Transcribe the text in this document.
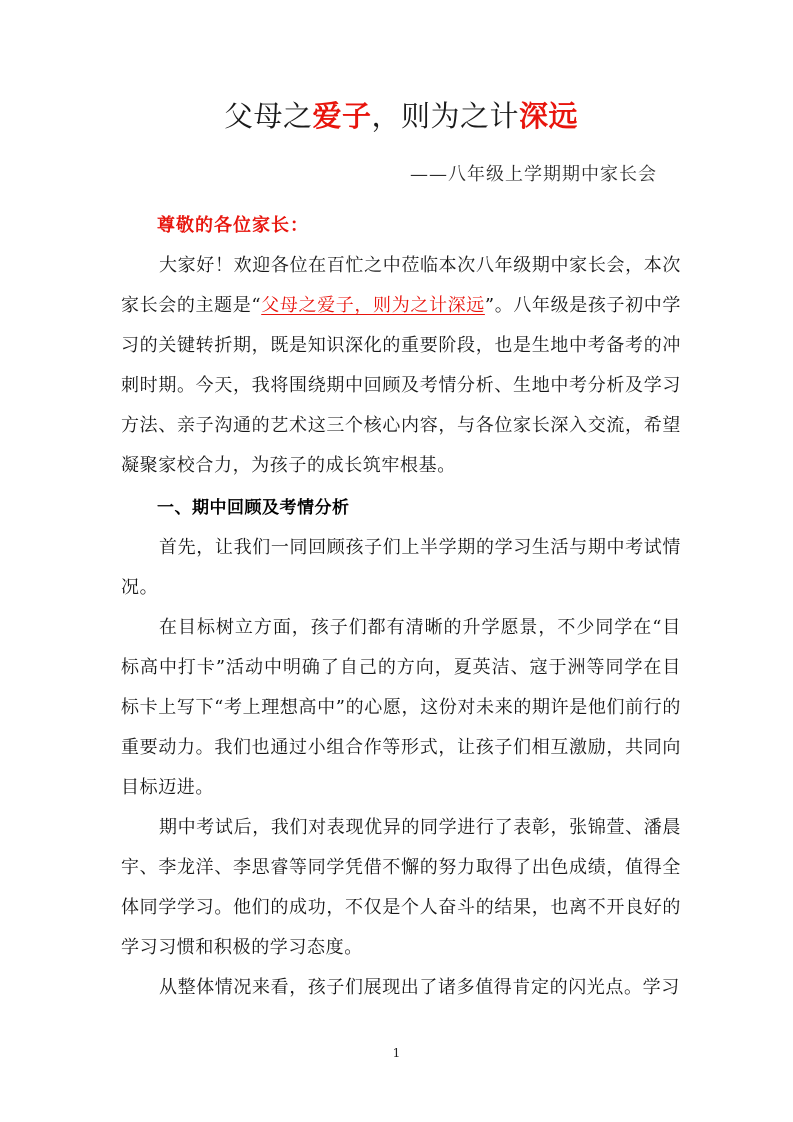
父母之爱子，则为之计深远
——八年级上学期期中家长会

尊敬的各位家长：

大家好！欢迎各位在百忙之中莅临本次八年级期中家长会，本次家长会的主题是“父母之爱子，则为之计深远”。八年级是孩子初中学习的关键转折期，既是知识深化的重要阶段，也是生地中考备考的冲刺时期。今天，我将围绕期中回顾及考情分析、生地中考分析及学习方法、亲子沟通的艺术这三个核心内容，与各位家长深入交流，希望凝聚家校合力，为孩子的成长筑牢根基。

一、期中回顾及考情分析

首先，让我们一同回顾孩子们上半学期的学习生活与期中考试情况。

在目标树立方面，孩子们都有清晰的升学愿景，不少同学在“目标高中打卡”活动中明确了自己的方向，夏英洁、寇于洲等同学在目标卡上写下“考上理想高中”的心愿，这份对未来的期许是他们前行的重要动力。我们也通过小组合作等形式，让孩子们相互激励，共同向目标迈进。

期中考试后，我们对表现优异的同学进行了表彰，张锦萱、潘晨宇、李龙洋、李思睿等同学凭借不懈的努力取得了出色成绩，值得全体同学学习。他们的成功，不仅是个人奋斗的结果，也离不开良好的学习习惯和积极的学习态度。

从整体情况来看，孩子们展现出了诸多值得肯定的闪光点。学习

1
